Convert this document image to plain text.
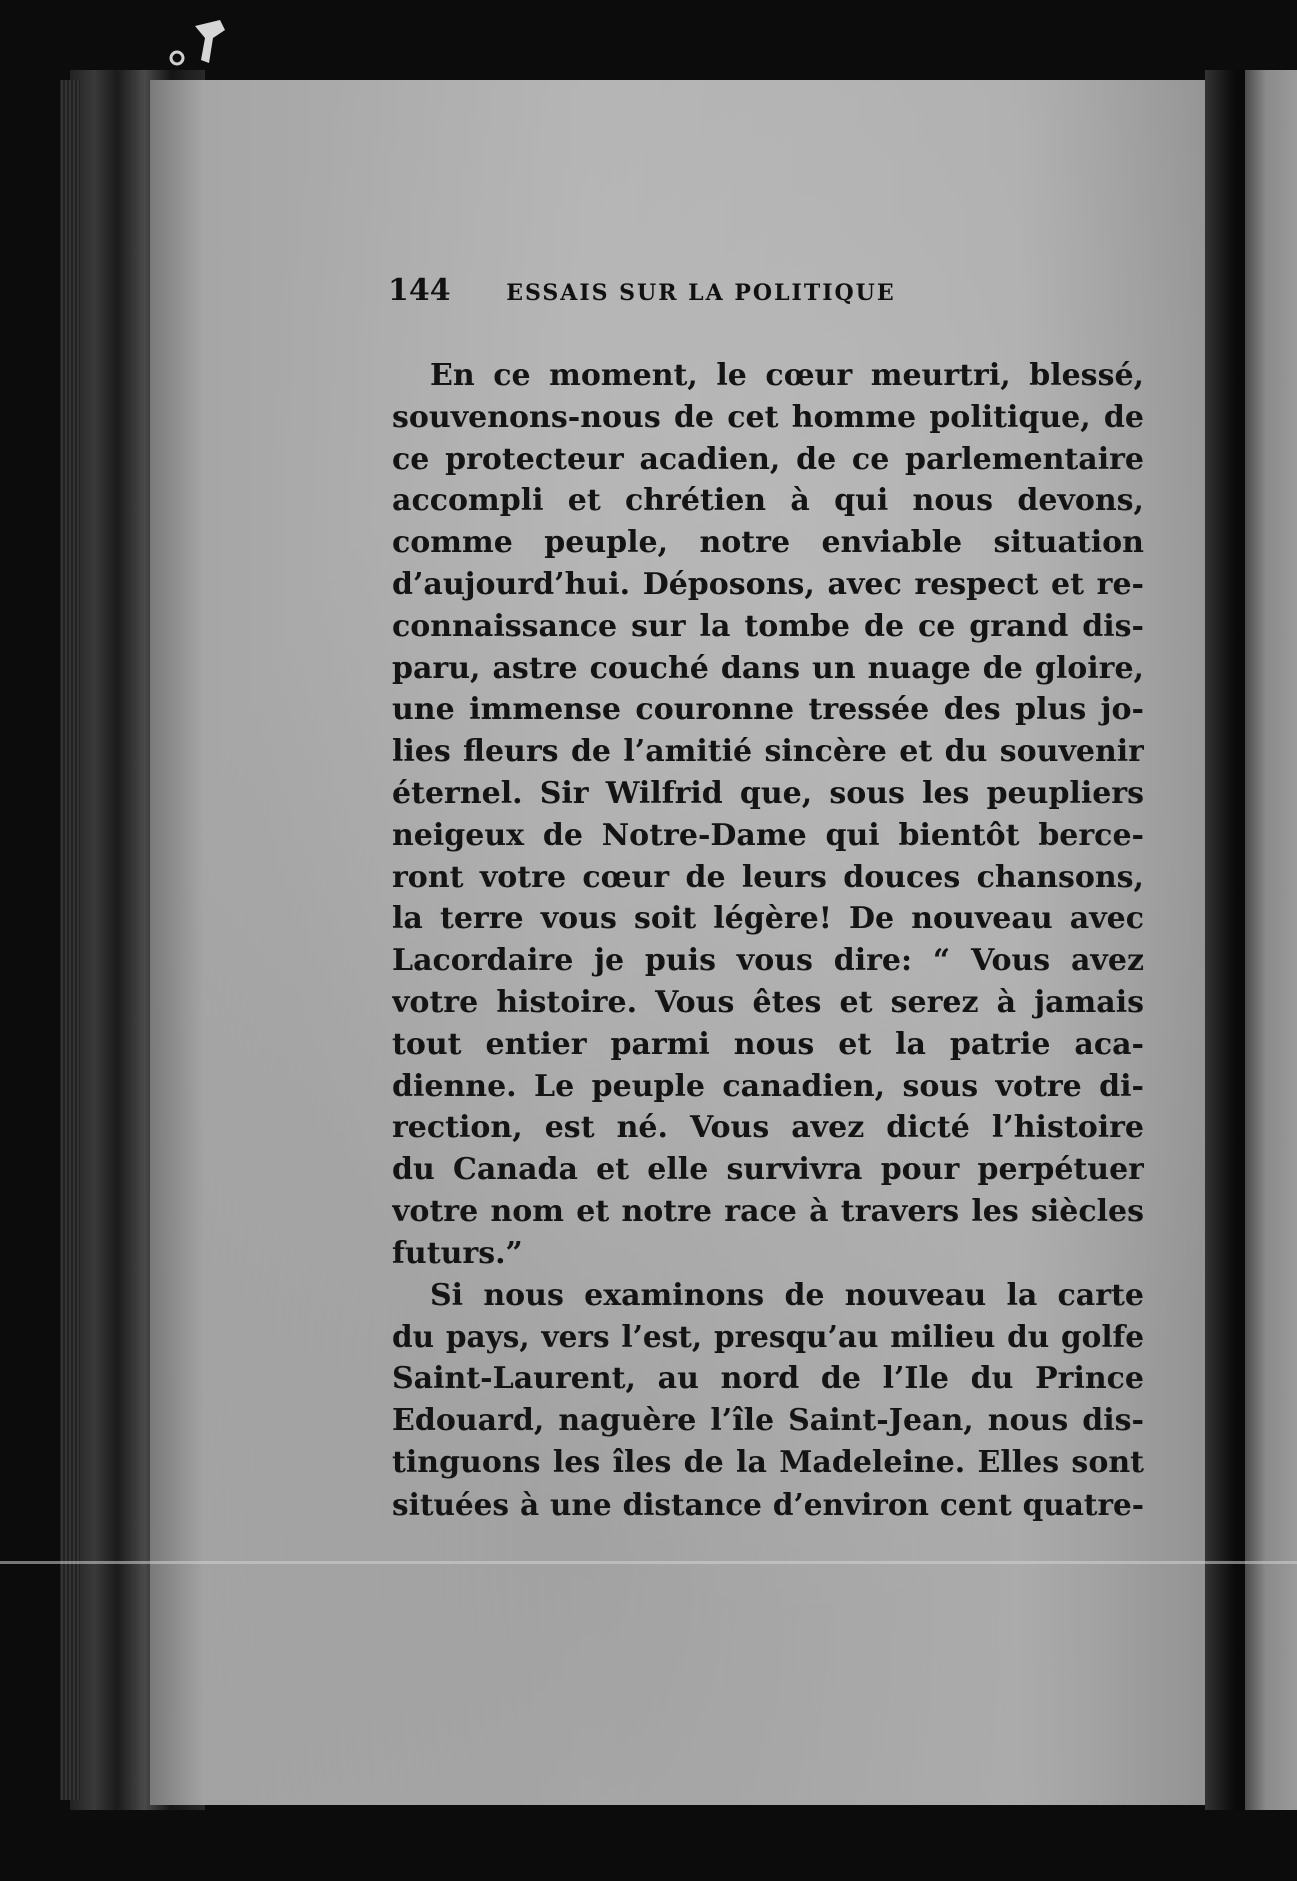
144	ESSAIS SUR LA POLITIQUE
En ce moment, le cœur meurtri, blessé,
souvenons-nous de cet homme politique, de
ce protecteur acadien, de ce parlementaire
accompli et chrétien à qui nous devons,
comme peuple, notre enviable situation
d’aujourd’hui. Déposons, avec respect et re-
connaissance sur la tombe de ce grand dis-
paru, astre couché dans un nuage de gloire,
une immense couronne tressée des plus jo-
lies fleurs de l’amitié sincère et du souvenir
éternel. Sir Wilfrid que, sous les peupliers
neigeux de Notre-Dame qui bientôt berce-
ront votre cœur de leurs douces chansons,
la terre vous soit légère! De nouveau avec
Lacordaire je puis vous dire: “ Vous avez
votre histoire. Vous êtes et serez à jamais
tout entier parmi nous et la patrie aca-
dienne. Le peuple canadien, sous votre di-
rection, est né. Vous avez dicté l’histoire
du Canada et elle survivra pour perpétuer
votre nom et notre race à travers les siècles
futurs.”
Si nous examinons de nouveau la carte
du pays, vers l’est, presqu’au milieu du golfe
Saint-Laurent, au nord de l’Ile du Prince
Edouard, naguère l’île Saint-Jean, nous dis-
tinguons les îles de la Madeleine. Elles sont
situées à une distance d’environ cent quatre-
